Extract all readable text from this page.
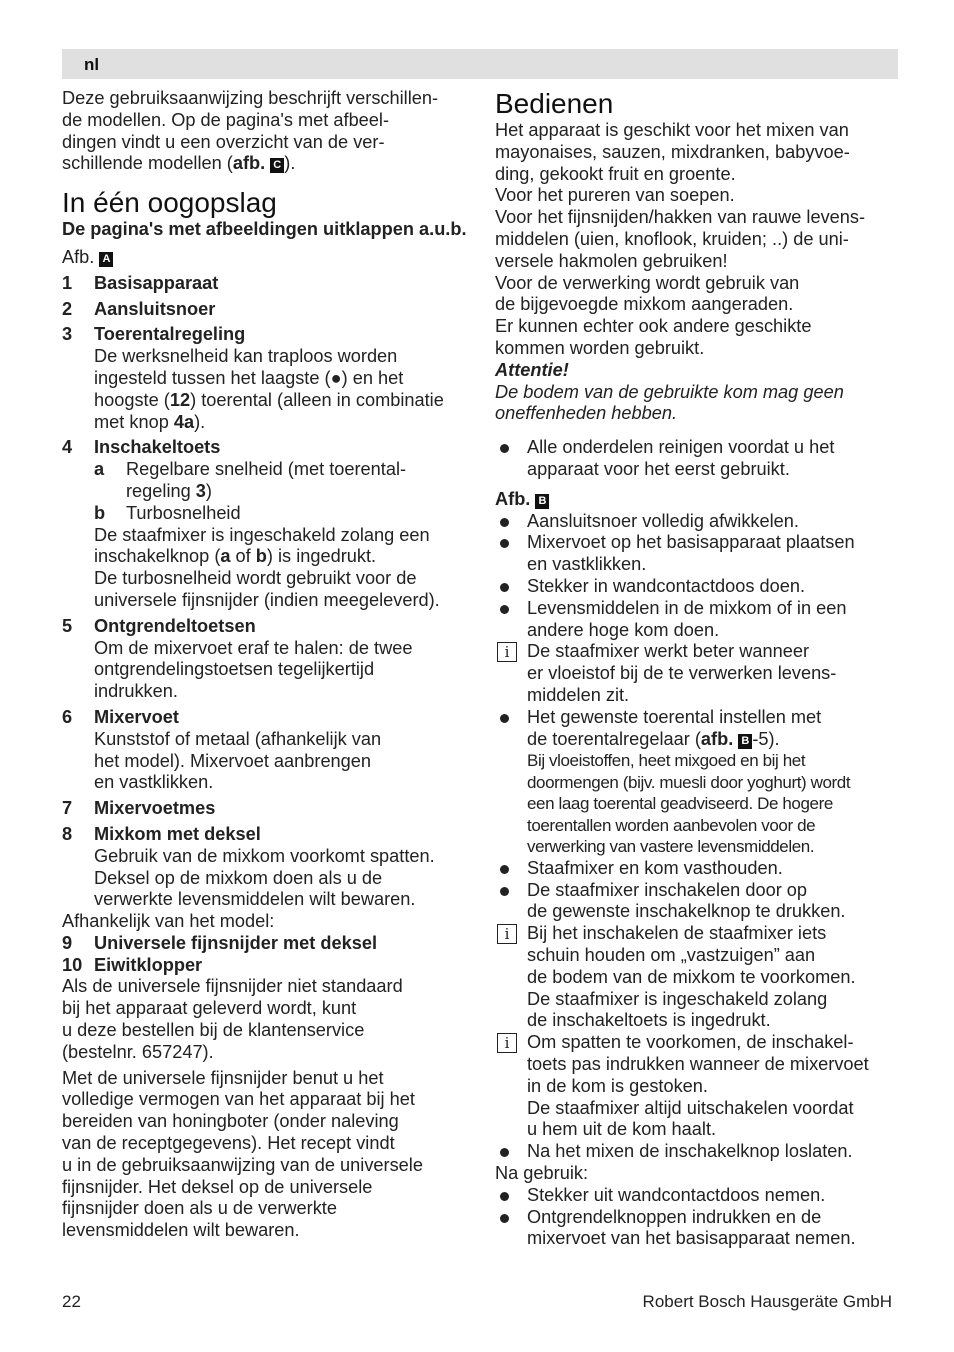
nl

Deze gebruiksaanwijzing beschrijft verschillen-
de modellen. Op de pagina's met afbeel-
dingen vindt u een overzicht van de ver-
schillende modellen (afb. C ).

In één oogopslag

De pagina's met afbeeldingen uitklappen a.u.b.

Afb. A

1 Basisapparaat
2 Aansluitsnoer
3 Toerentalregeling
De werksnelheid kan traploos worden
ingesteld tussen het laagste (●) en het
hoogste (12) toerental (alleen in combinatie
met knop 4a).
4 Inschakeltoets
a Regelbare snelheid (met toerental-
regeling 3)
b Turbosnelheid
De staafmixer is ingeschakeld zolang een
inschakelknop (a of b) is ingedrukt.
De turbosnelheid wordt gebruikt voor de
universele fijnsnijder (indien meegeleverd).
5 Ontgrendeltoetsen
Om de mixervoet eraf te halen: de twee
ontgrendelingstoetsen tegelijkertijd
indrukken.
6 Mixervoet
Kunststof of metaal (afhankelijk van
het model). Mixervoet aanbrengen
en vastklikken.
7 Mixervoetmes
8 Mixkom met deksel
Gebruik van de mixkom voorkomt spatten.
Deksel op de mixkom doen als u de
verwerkte levensmiddelen wilt bewaren.

Afhankelijk van het model:

9 Universele fijnsnijder met deksel
10 Eiwitklopper

Als de universele fijnsnijder niet standaard
bij het apparaat geleverd wordt, kunt
u deze bestellen bij de klantenservice
(bestelnr. 657247).

Met de universele fijnsnijder benut u het
volledige vermogen van het apparaat bij het
bereiden van honingboter (onder naleving
van de receptgegevens). Het recept vindt
u in de gebruiksaanwijzing van de universele
fijnsnijder. Het deksel op de universele
fijnsnijder doen als u de verwerkte
levensmiddelen wilt bewaren.

Bedienen

Het apparaat is geschikt voor het mixen van
mayonaises, sauzen, mixdranken, babyvoe-
ding, gekookt fruit en groente.
Voor het pureren van soepen.
Voor het fijnsnijden/hakken van rauwe levens-
middelen (uien, knoflook, kruiden; ..) de uni-
versele hakmolen gebruiken!
Voor de verwerking wordt gebruik van
de bijgevoegde mixkom aangeraden.
Er kunnen echter ook andere geschikte
kommen worden gebruikt.

Attentie!

De bodem van de gebruikte kom mag geen
oneffenheden hebben.

Alle onderdelen reinigen voordat u het
apparaat voor het eerst gebruikt.

Afb. B

Aansluitsnoer volledig afwikkelen.
Mixervoet op het basisapparaat plaatsen
en vastklikken.
Stekker in wandcontactdoos doen.
Levensmiddelen in de mixkom of in een
andere hoge kom doen.
i De staafmixer werkt beter wanneer
er vloeistof bij de te verwerken levens-
middelen zit.
Het gewenste toerental instellen met
de toerentalregelaar (afb. B -5).
Bij vloeistoffen, heet mixgoed en bij het
doormengen (bijv. muesli door yoghurt) wordt
een laag toerental geadviseerd. De hogere
toerentallen worden aanbevolen voor de
verwerking van vastere levensmiddelen.
Staafmixer en kom vasthouden.
De staafmixer inschakelen door op
de gewenste inschakelknop te drukken.
i Bij het inschakelen de staafmixer iets
schuin houden om „vastzuigen” aan
de bodem van de mixkom te voorkomen.
De staafmixer is ingeschakeld zolang
de inschakeltoets is ingedrukt.
i Om spatten te voorkomen, de inschakel-
toets pas indrukken wanneer de mixervoet
in de kom is gestoken.
De staafmixer altijd uitschakelen voordat
u hem uit de kom haalt.
Na het mixen de inschakelknop loslaten.

Na gebruik:

Stekker uit wandcontactdoos nemen.
Ontgrendelknoppen indrukken en de
mixervoet van het basisapparaat nemen.
22	Robert Bosch Hausgeräte GmbH
